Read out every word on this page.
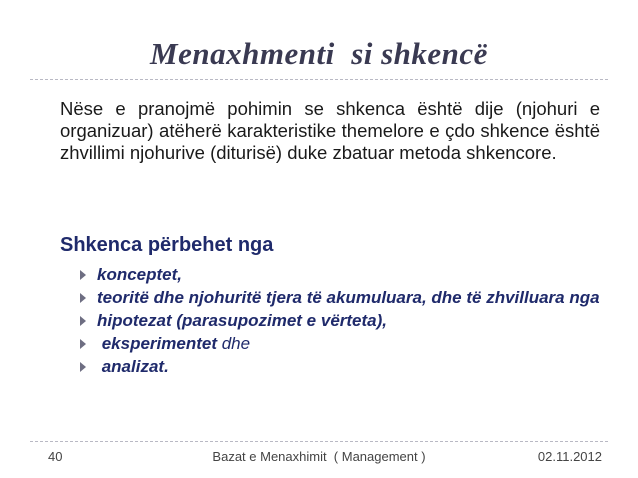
Menaxhmenti  si shkencë
Nëse e pranojmë pohimin se shkenca është dije (njohuri e organizuar) atëherë karakteristike themelore e çdo shkence është zhvillimi njohurive (diturisë) duke zbatuar metoda shkencore.
Shkenca përbehet nga
konceptet,
teoritë dhe njohuritë tjera të akumuluara, dhe të zhvilluara nga
hipotezat (parasupozimet e vërteta),
eksperimentet dhe
analizat.
40	Bazat e Menaxhimit  ( Management )	02.11.2012
